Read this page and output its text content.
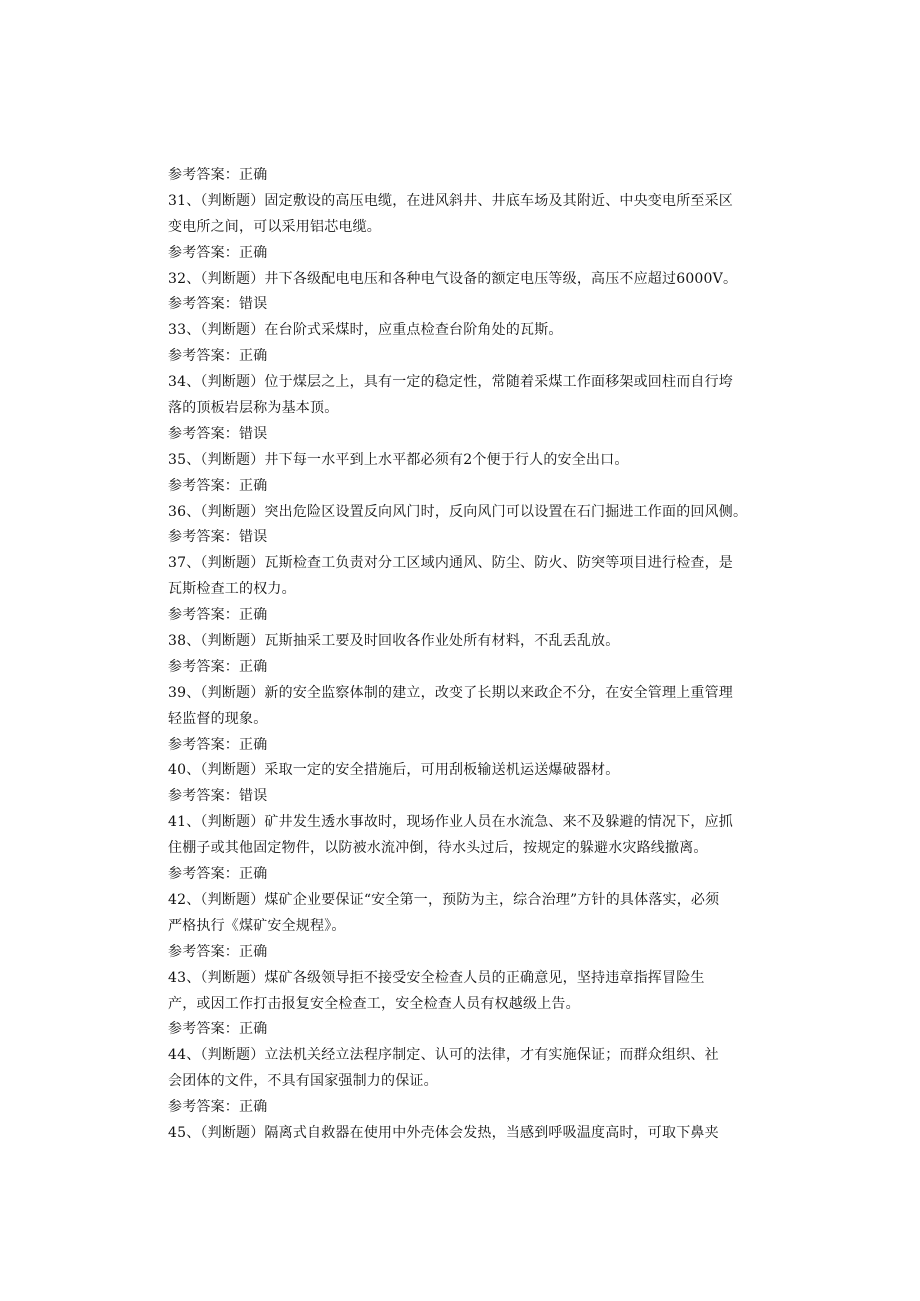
参考答案：正确
31、（判断题）固定敷设的高压电缆，在进风斜井、井底车场及其附近、中央变电所至采区
变电所之间，可以采用铝芯电缆。
参考答案：正确
32、（判断题）井下各级配电电压和各种电气设备的额定电压等级，高压不应超过6000V。
参考答案：错误
33、（判断题）在台阶式采煤时，应重点检查台阶角处的瓦斯。
参考答案：正确
34、（判断题）位于煤层之上，具有一定的稳定性，常随着采煤工作面移架或回柱而自行垮
落的顶板岩层称为基本顶。
参考答案：错误
35、（判断题）井下每一水平到上水平都必须有2个便于行人的安全出口。
参考答案：正确
36、（判断题）突出危险区设置反向风门时，反向风门可以设置在石门掘进工作面的回风侧。
参考答案：错误
37、（判断题）瓦斯检查工负责对分工区域内通风、防尘、防火、防突等项目进行检查，是
瓦斯检查工的权力。
参考答案：正确
38、（判断题）瓦斯抽采工要及时回收各作业处所有材料，不乱丢乱放。
参考答案：正确
39、（判断题）新的安全监察体制的建立，改变了长期以来政企不分，在安全管理上重管理
轻监督的现象。
参考答案：正确
40、（判断题）采取一定的安全措施后，可用刮板输送机运送爆破器材。
参考答案：错误
41、（判断题）矿井发生透水事故时，现场作业人员在水流急、来不及躲避的情况下，应抓
住棚子或其他固定物件，以防被水流冲倒，待水头过后，按规定的躲避水灾路线撤离。
参考答案：正确
42、（判断题）煤矿企业要保证“安全第一，预防为主，综合治理”方针的具体落实，必须
严格执行《煤矿安全规程》。
参考答案：正确
43、（判断题）煤矿各级领导拒不接受安全检查人员的正确意见，坚持违章指挥冒险生
产，或因工作打击报复安全检查工，安全检查人员有权越级上告。
参考答案：正确
44、（判断题）立法机关经立法程序制定、认可的法律，才有实施保证；而群众组织、社
会团体的文件，不具有国家强制力的保证。
参考答案：正确
45、（判断题）隔离式自救器在使用中外壳体会发热，当感到呼吸温度高时，可取下鼻夹
